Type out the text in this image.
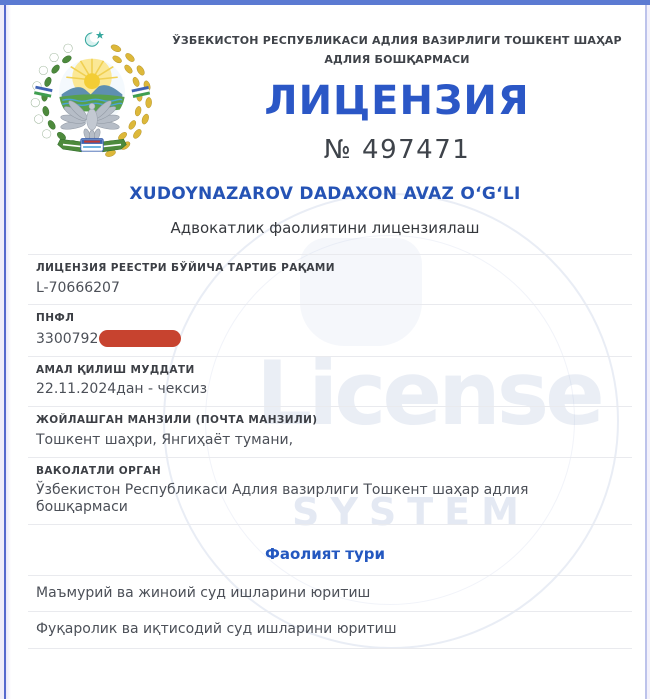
License
SYSTEM
ЎЗБЕКИСТОН РЕСПУБЛИКАСИ АДЛИЯ ВАЗИРЛИГИ ТОШКЕНТ ШАҲАР АДЛИЯ БОШҚАРМАСИ
ЛИЦЕНЗИЯ
№ 497471
XUDOYNAZAROV DADAXON AVAZ O‘G‘LI
Адвокатлик фаолиятини лицензиялаш
ЛИЦЕНЗИЯ РЕЕСТРИ БЎЙИЧА ТАРТИБ РАҚАМИ
L-70666207
ПНФЛ
3300792
АМАЛ ҚИЛИШ МУДДАТИ
22.11.2024дан - чексиз
ЖОЙЛАШГАН МАНЗИЛИ (ПОЧТА МАНЗИЛИ)
Тошкент шаҳри, Янгиҳаёт тумани,
ВАКОЛАТЛИ ОРГАН
Ўзбекистон Республикаси Адлия вазирлиги Тошкент шаҳар адлия бошқармаси
Фаолият тури
Маъмурий ва жиноий суд ишларини юритиш
Фуқаролик ва иқтисодий суд ишларини юритиш
